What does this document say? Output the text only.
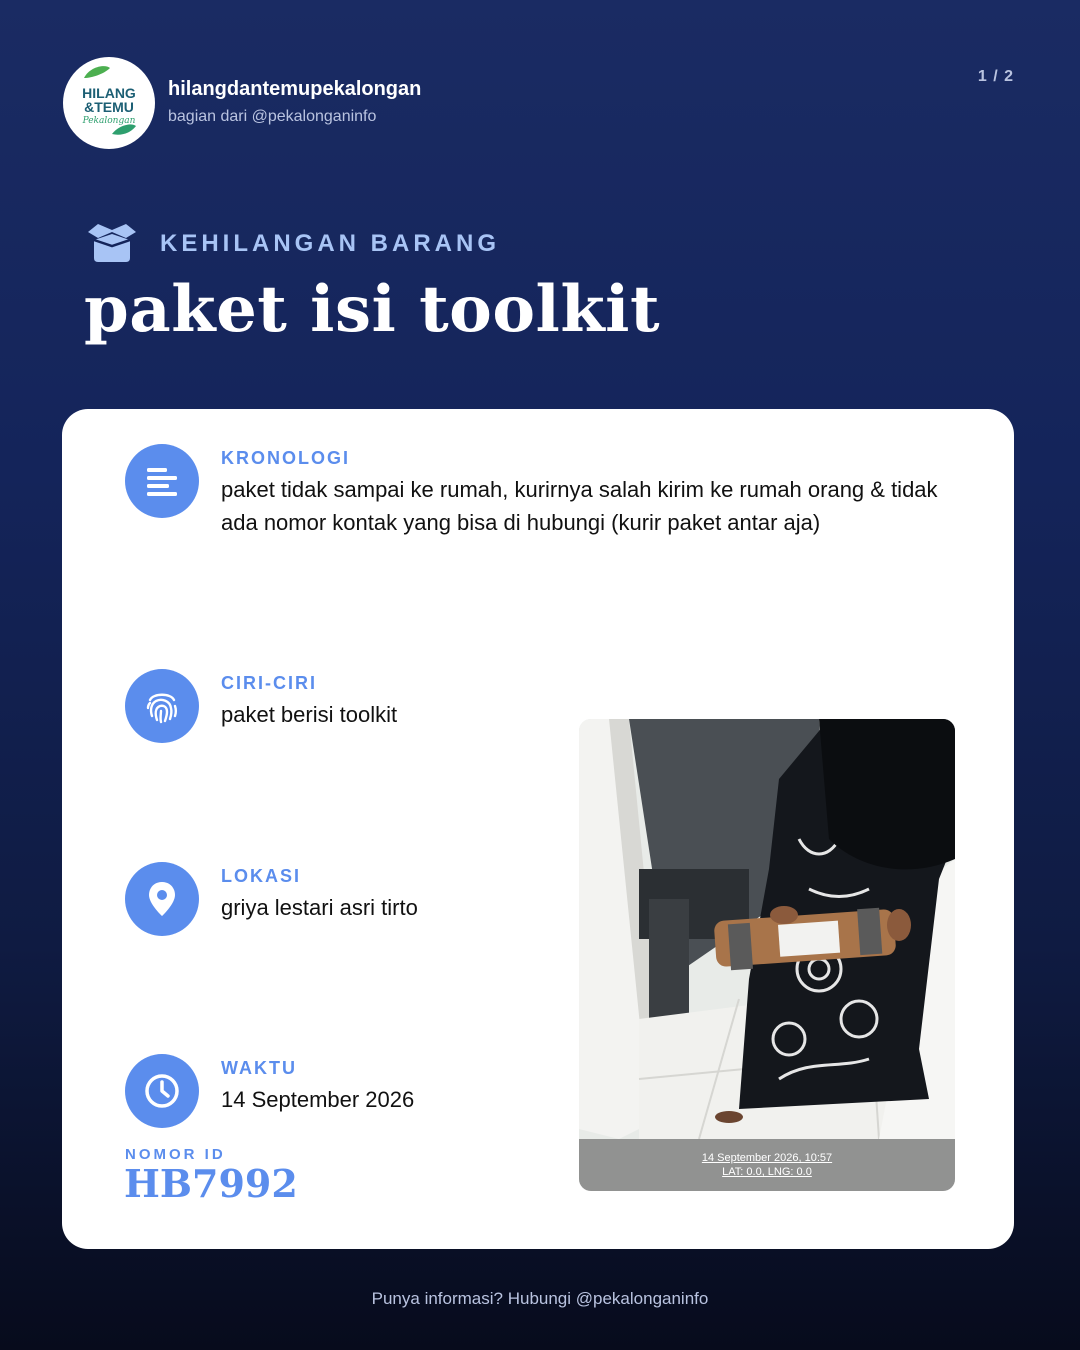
HILANG
&TEMU
Pekalongan
hilangdantemupekalongan
bagian dari @pekalonganinfo
1 / 2
KEHILANGAN BARANG
paket isi toolkit
KRONOLOGI
paket tidak sampai ke rumah, kurirnya salah kirim ke rumah orang & tidak ada nomor kontak yang bisa di hubungi (kurir paket antar aja)
CIRI-CIRI
paket berisi toolkit
LOKASI
griya lestari asri tirto
WAKTU
14 September 2026
NOMOR ID
HB7992
14 September 2026, 10:57
LAT: 0.0, LNG: 0.0
Punya informasi? Hubungi @pekalonganinfo
